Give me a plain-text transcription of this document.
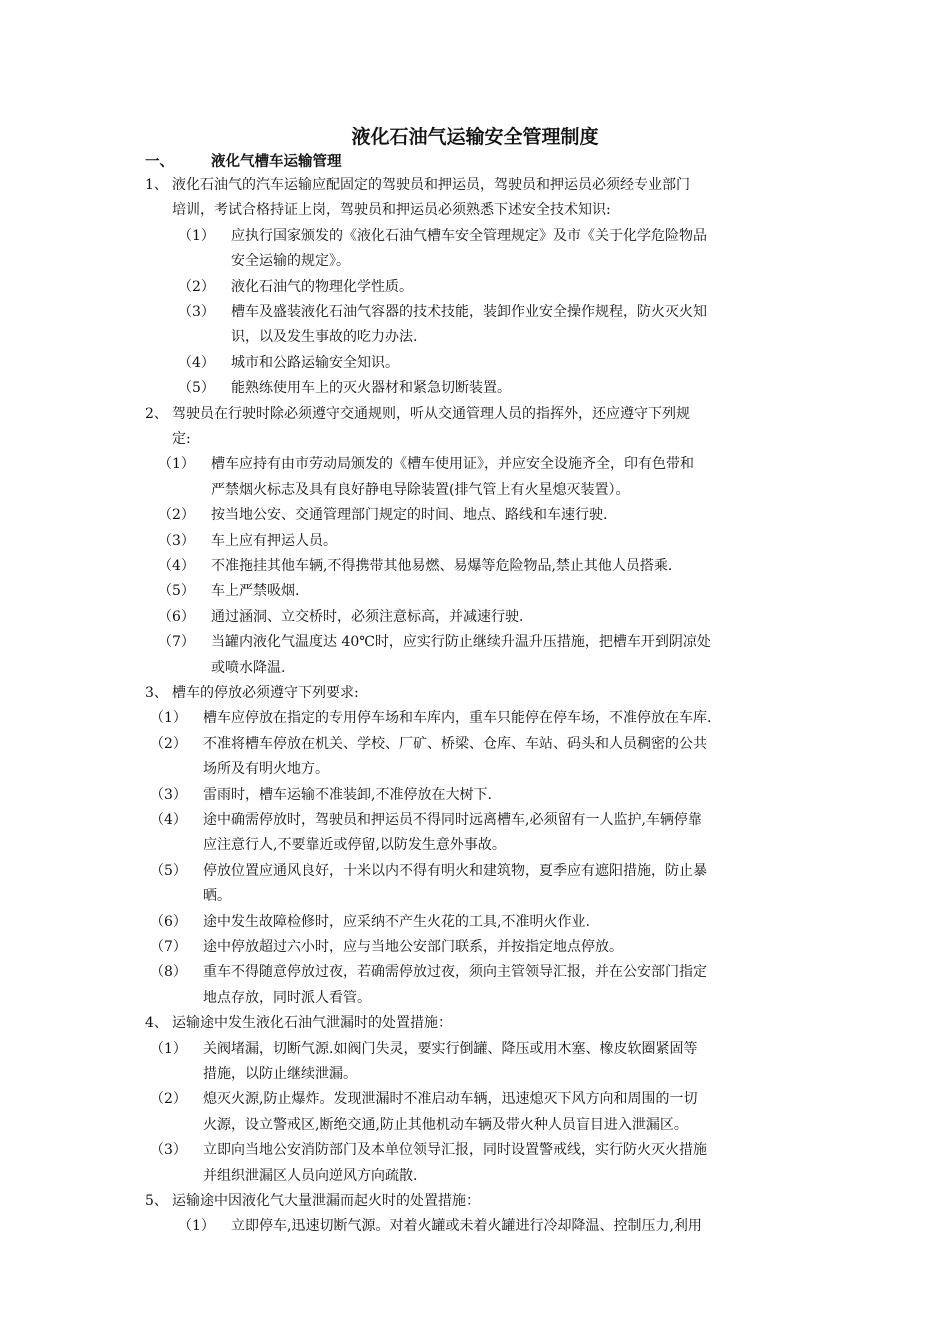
液化石油气运输安全管理制度
一、	液化气槽车运输管理
1、 液化石油气的汽车运输应配固定的驾驶员和押运员，驾驶员和押运员必须经专业部门
培训，考试合格持证上岗，驾驶员和押运员必须熟悉下述安全技术知识:
（1） 应执行国家颁发的《液化石油气槽车安全管理规定》及市《关于化学危险物品
安全运输的规定》。
（2） 液化石油气的物理化学性质。
（3） 槽车及盛装液化石油气容器的技术技能，装卸作业安全操作规程，防火灭火知
识，以及发生事故的吃力办法.
（4） 城市和公路运输安全知识。
（5） 能熟练使用车上的灭火器材和紧急切断装置。
2、 驾驶员在行驶时除必须遵守交通规则，听从交通管理人员的指挥外，还应遵守下列规
定:
（1） 槽车应持有由市劳动局颁发的《槽车使用证》，并应安全设施齐全，印有色带和
严禁烟火标志及具有良好静电导除装置(排气管上有火星熄灭装置）。
（2） 按当地公安、交通管理部门规定的时间、地点、路线和车速行驶.
（3） 车上应有押运人员。
（4） 不准拖挂其他车辆,不得携带其他易燃、易爆等危险物品,禁止其他人员搭乘.
（5） 车上严禁吸烟.
（6） 通过涵洞、立交桥时，必须注意标高，并减速行驶.
（7） 当罐内液化气温度达 40℃时，应实行防止继续升温升压措施，把槽车开到阴凉处
或喷水降温.
3、 槽车的停放必须遵守下列要求:
（1） 槽车应停放在指定的专用停车场和车库内，重车只能停在停车场，不准停放在车库.
（2） 不准将槽车停放在机关、学校、厂矿、桥梁、仓库、车站、码头和人员稠密的公共
场所及有明火地方。
（3） 雷雨时，槽车运输不准装卸,不准停放在大树下.
（4） 途中确需停放时，驾驶员和押运员不得同时远离槽车,必须留有一人监护,车辆停靠
应注意行人,不要靠近或停留,以防发生意外事故。
（5） 停放位置应通风良好，十米以内不得有明火和建筑物，夏季应有遮阳措施，防止暴
晒。
（6） 途中发生故障检修时，应采纳不产生火花的工具,不准明火作业.
（7） 途中停放超过六小时，应与当地公安部门联系，并按指定地点停放。
（8） 重车不得随意停放过夜，若确需停放过夜，须向主管领导汇报，并在公安部门指定
地点存放，同时派人看管。
4、 运输途中发生液化石油气泄漏时的处置措施：
（1） 关阀堵漏，切断气源.如阀门失灵，要实行倒罐、降压或用木塞、橡皮软圈紧固等
措施，以防止继续泄漏。
（2） 熄灭火源,防止爆炸。发现泄漏时不准启动车辆，迅速熄灭下风方向和周围的一切
火源，设立警戒区,断绝交通,防止其他机动车辆及带火种人员盲目进入泄漏区。
（3） 立即向当地公安消防部门及本单位领导汇报，同时设置警戒线，实行防火灭火措施
并组织泄漏区人员向逆风方向疏散.
5、 运输途中因液化气大量泄漏而起火时的处置措施：
（1） 立即停车,迅速切断气源。对着火罐或未着火罐进行冷却降温、控制压力,利用
